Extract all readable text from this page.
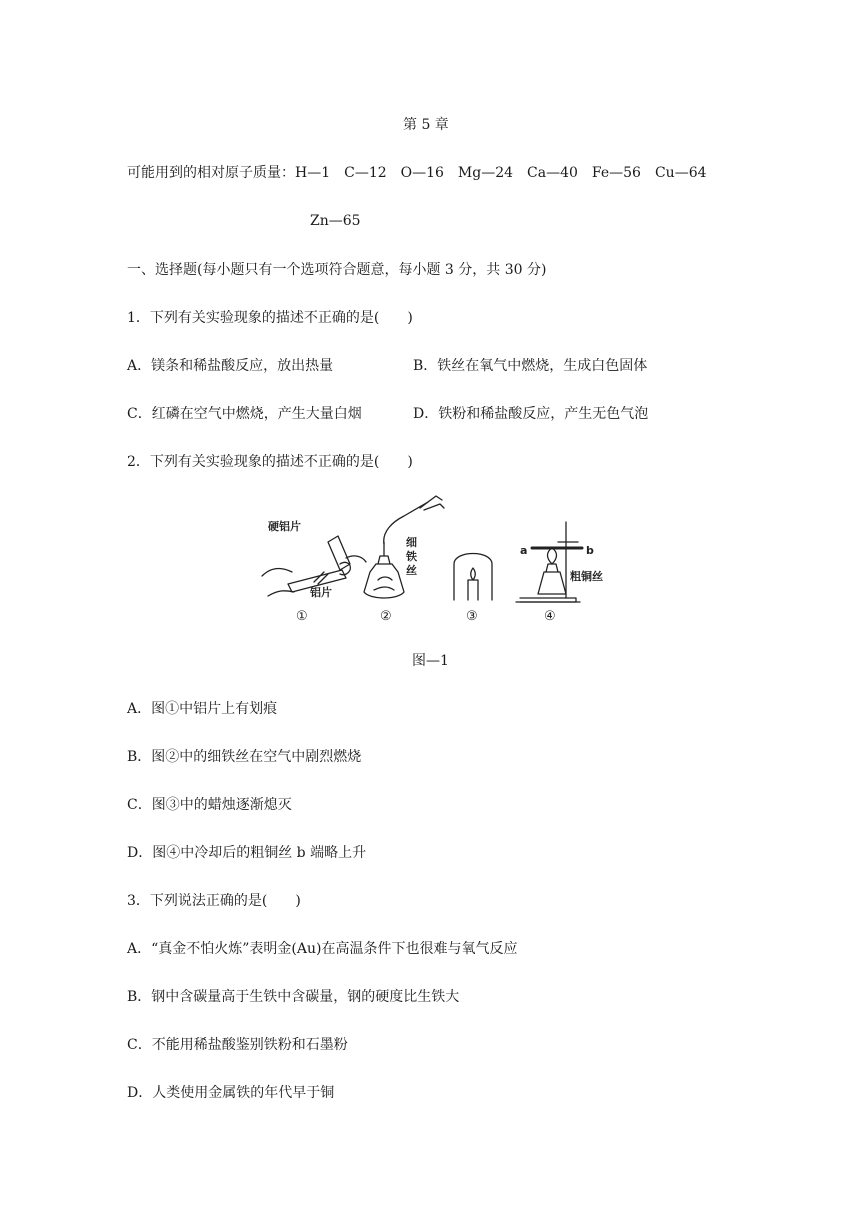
第 5 章
可能用到的相对原子质量：H—1　C—12　O—16　Mg—24　Ca—40　Fe—56　Cu—64
Zn—65
一、选择题(每小题只有一个选项符合题意，每小题 3 分，共 30 分)
1．下列有关实验现象的描述不正确的是(　　)
A．镁条和稀盐酸反应，放出热量	B．铁丝在氧气中燃烧，生成白色固体
C．红磷在空气中燃烧，产生大量白烟	D．铁粉和稀盐酸反应，产生无色气泡
2．下列有关实验现象的描述不正确的是(　　)
硬铝片
铝片
细
铁
丝
a	b
粗铜丝
①	②	③	④
图—1
A．图①中铝片上有划痕
B．图②中的细铁丝在空气中剧烈燃烧
C．图③中的蜡烛逐渐熄灭
D．图④中冷却后的粗铜丝 b 端略上升
3．下列说法正确的是(　　)
A．“真金不怕火炼”表明金(Au)在高温条件下也很难与氧气反应
B．钢中含碳量高于生铁中含碳量，钢的硬度比生铁大
C．不能用稀盐酸鉴别铁粉和石墨粉
D．人类使用金属铁的年代早于铜
